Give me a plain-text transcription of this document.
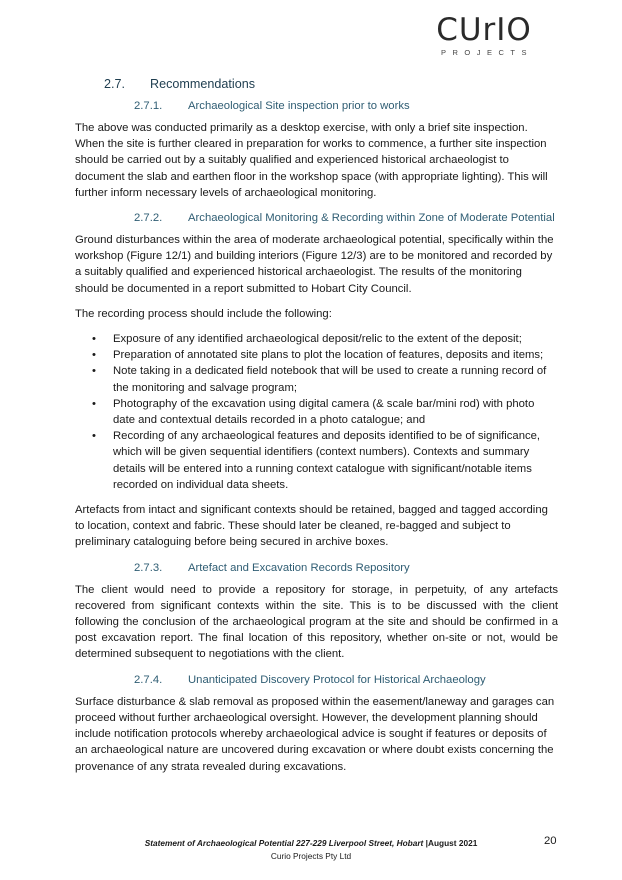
CUrIO
PROJECTS
2.7. Recommendations
2.7.1. Archaeological Site inspection prior to works

The above was conducted primarily as a desktop exercise, with only a brief site inspection. When the site is further cleared in preparation for works to commence, a further site inspection should be carried out by a suitably qualified and experienced historical archaeologist to document the slab and earthen floor in the workshop space (with appropriate lighting). This will further inform necessary levels of archaeological monitoring.

2.7.2. Archaeological Monitoring & Recording within Zone of Moderate Potential

Ground disturbances within the area of moderate archaeological potential, specifically within the workshop (Figure 12/1) and building interiors (Figure 12/3) are to be monitored and recorded by a suitably qualified and experienced historical archaeologist. The results of the monitoring should be documented in a report submitted to Hobart City Council.

The recording process should include the following:

• Exposure of any identified archaeological deposit/relic to the extent of the deposit;
• Preparation of annotated site plans to plot the location of features, deposits and items;
• Note taking in a dedicated field notebook that will be used to create a running record of the monitoring and salvage program;
• Photography of the excavation using digital camera (& scale bar/mini rod) with photo date and contextual details recorded in a photo catalogue; and
• Recording of any archaeological features and deposits identified to be of significance, which will be given sequential identifiers (context numbers). Contexts and summary details will be entered into a running context catalogue with significant/notable items recorded on individual data sheets.

Artefacts from intact and significant contexts should be retained, bagged and tagged according to location, context and fabric. These should later be cleaned, re-bagged and subject to preliminary cataloguing before being secured in archive boxes.

2.7.3. Artefact and Excavation Records Repository

The client would need to provide a repository for storage, in perpetuity, of any artefacts recovered from significant contexts within the site. This is to be discussed with the client following the conclusion of the archaeological program at the site and should be confirmed in a post excavation report. The final location of this repository, whether on-site or not, would be determined subsequent to negotiations with the client.

2.7.4. Unanticipated Discovery Protocol for Historical Archaeology

Surface disturbance & slab removal as proposed within the easement/laneway and garages can proceed without further archaeological oversight. However, the development planning should include notification protocols whereby archaeological advice is sought if features or deposits of an archaeological nature are uncovered during excavation or where doubt exists concerning the provenance of any strata revealed during excavations.

Statement of Archaeological Potential 227-229 Liverpool Street, Hobart |August 2021
Curio Projects Pty Ltd
20
